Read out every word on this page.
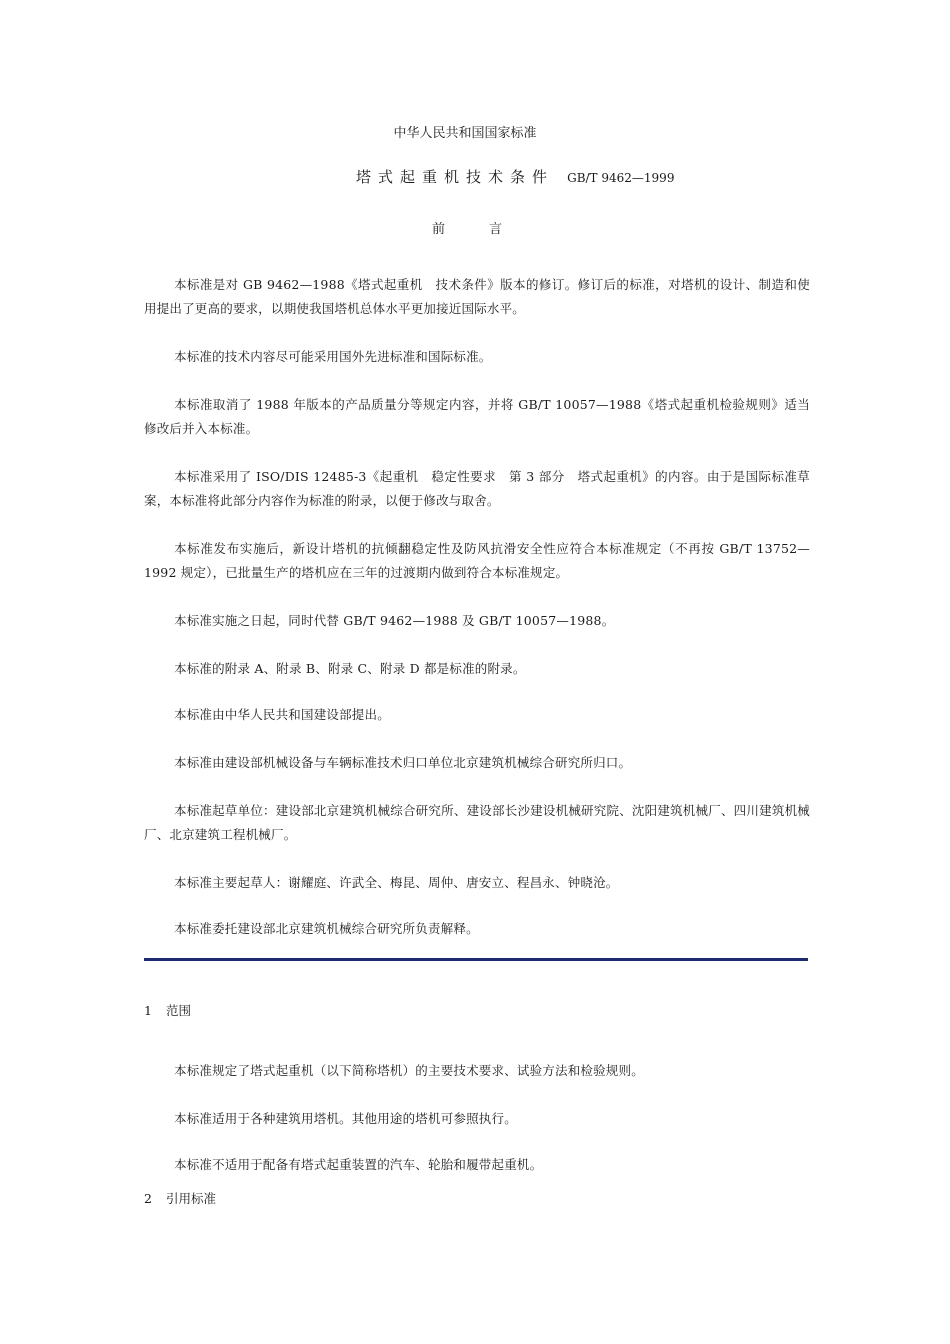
中华人民共和国国家标准
塔式起重机技术条件 GB/T 9462—1999
前言

本标准是对 GB 9462—1988《塔式起重机　技术条件》版本的修订。修订后的标准，对塔机的设计、制造和使用提出了更高的要求，以期使我国塔机总体水平更加接近国际水平。

本标准的技术内容尽可能采用国外先进标准和国际标准。

本标准取消了 1988 年版本的产品质量分等规定内容，并将 GB/T 10057—1988《塔式起重机检验规则》适当修改后并入本标准。

本标准采用了 ISO/DIS 12485-3《起重机　稳定性要求　第 3 部分　塔式起重机》的内容。由于是国际标准草案，本标准将此部分内容作为标准的附录，以便于修改与取舍。

本标准发布实施后，新设计塔机的抗倾翻稳定性及防风抗滑安全性应符合本标准规定（不再按 GB/T 13752—1992 规定），已批量生产的塔机应在三年的过渡期内做到符合本标准规定。

本标准实施之日起，同时代替 GB/T 9462—1988 及 GB/T 10057—1988。

本标准的附录 A、附录 B、附录 C、附录 D 都是标准的附录。

本标准由中华人民共和国建设部提出。

本标准由建设部机械设备与车辆标准技术归口单位北京建筑机械综合研究所归口。

本标准起草单位：建设部北京建筑机械综合研究所、建设部长沙建设机械研究院、沈阳建筑机械厂、四川建筑机械厂、北京建筑工程机械厂。

本标准主要起草人：谢耀庭、许武全、梅昆、周仲、唐安立、程昌永、钟晓沧。

本标准委托建设部北京建筑机械综合研究所负责解释。

1 范围

本标准规定了塔式起重机（以下简称塔机）的主要技术要求、试验方法和检验规则。

本标准适用于各种建筑用塔机。其他用途的塔机可参照执行。

本标准不适用于配备有塔式起重装置的汽车、轮胎和履带起重机。

2 引用标准
